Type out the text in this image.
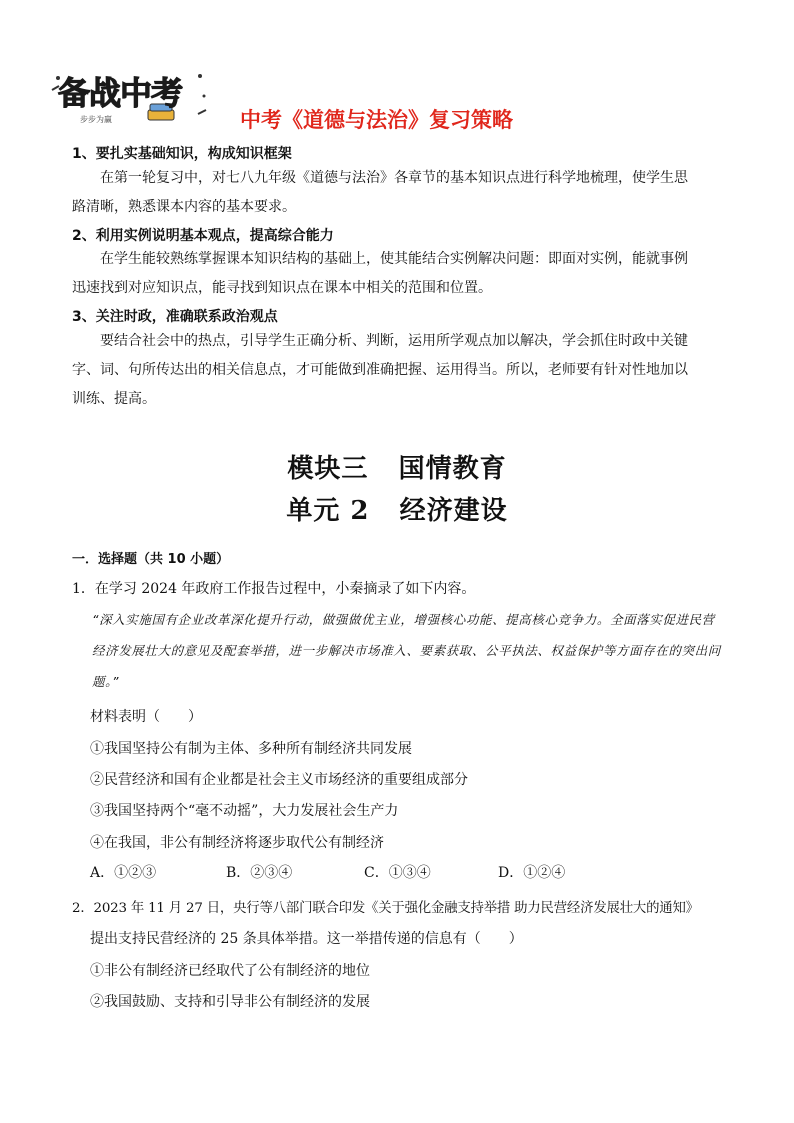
备战中考
步步为赢	中考《道德与法治》复习策略
1、要扎实基础知识，构成知识框架
在第一轮复习中，对七八九年级《道德与法治》各章节的基本知识点进行科学地梳理，使学生思
路清晰，熟悉课本内容的基本要求。
2、利用实例说明基本观点，提高综合能力
在学生能较熟练掌握课本知识结构的基础上，使其能结合实例解决问题：即面对实例，能就事例
迅速找到对应知识点，能寻找到知识点在课本中相关的范围和位置。
3、关注时政，准确联系政治观点
要结合社会中的热点，引导学生正确分析、判断，运用所学观点加以解决，学会抓住时政中关键
字、词、句所传达出的相关信息点，才可能做到准确把握、运用得当。所以，老师要有针对性地加以
训练、提高。
模块三   国情教育
单元 2   经济建设
一．选择题（共 10 小题）
1．在学习 2024 年政府工作报告过程中，小秦摘录了如下内容。
“深入实施国有企业改革深化提升行动，做强做优主业，增强核心功能、提高核心竞争力。全面落实促进民营经济发展壮大的意见及配套举措，进一步解决市场准入、要素获取、公平执法、权益保护等方面存在的突出问题。”
材料表明（　　）
①我国坚持公有制为主体、多种所有制经济共同发展
②民营经济和国有企业都是社会主义市场经济的重要组成部分
③我国坚持两个“毫不动摇”，大力发展社会生产力
④在我国，非公有制经济将逐步取代公有制经济
A．①②③	B．②③④	C．①③④	D．①②④
2．2023 年 11 月 27 日，央行等八部门联合印发《关于强化金融支持举措 助力民营经济发展壮大的通知》
提出支持民营经济的 25 条具体举措。这一举措传递的信息有（　　）
①非公有制经济已经取代了公有制经济的地位
②我国鼓励、支持和引导非公有制经济的发展
